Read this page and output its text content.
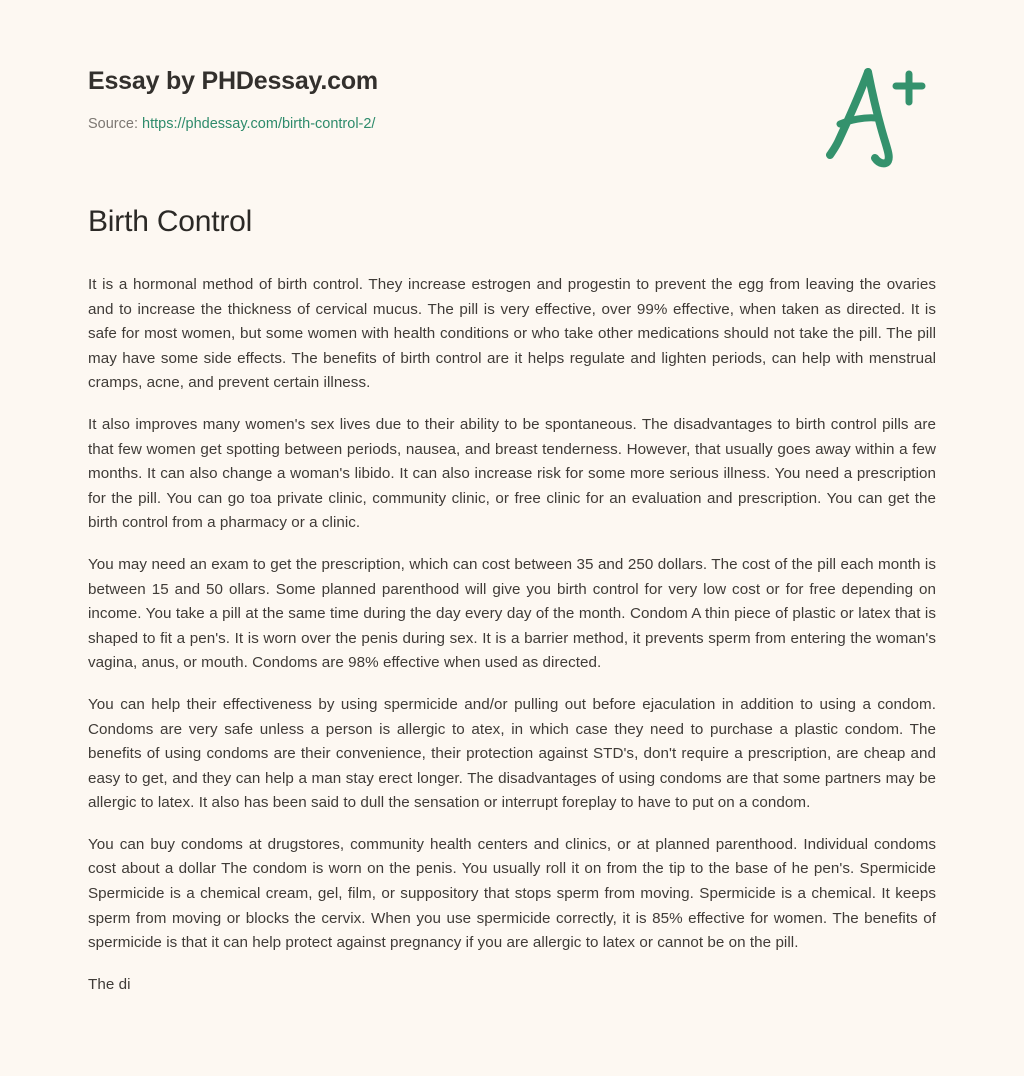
Essay by PHDessay.com
Source: https://phdessay.com/birth-control-2/
Birth Control

It is a hormonal method of birth control. They increase estrogen and progestin to prevent the egg from leaving the ovaries and to increase the thickness of cervical mucus. The pill is very effective, over 99% effective, when taken as directed. It is safe for most women, but some women with health conditions or who take other medications should not take the pill. The pill may have some side effects. The benefits of birth control are it helps regulate and lighten periods, can help with menstrual cramps, acne, and prevent certain illness.

It also improves many women's sex lives due to their ability to be spontaneous. The disadvantages to birth control pills are that few women get spotting between periods, nausea, and breast tenderness. However, that usually goes away within a few months. It can also change a woman's libido. It can also increase risk for some more serious illness. You need a prescription for the pill. You can go toa private clinic, community clinic, or free clinic for an evaluation and prescription. You can get the birth control from a pharmacy or a clinic.

You may need an exam to get the prescription, which can cost between 35 and 250 dollars. The cost of the pill each month is between 15 and 50 ollars. Some planned parenthood will give you birth control for very low cost or for free depending on income. You take a pill at the same time during the day every day of the month. Condom A thin piece of plastic or latex that is shaped to fit a pen's. It is worn over the penis during sex. It is a barrier method, it prevents sperm from entering the woman's vagina, anus, or mouth. Condoms are 98% effective when used as directed.

You can help their effectiveness by using spermicide and/or pulling out before ejaculation in addition to using a condom. Condoms are very safe unless a person is allergic to atex, in which case they need to purchase a plastic condom. The benefits of using condoms are their convenience, their protection against STD's, don't require a prescription, are cheap and easy to get, and they can help a man stay erect longer. The disadvantages of using condoms are that some partners may be allergic to latex. It also has been said to dull the sensation or interrupt foreplay to have to put on a condom.

You can buy condoms at drugstores, community health centers and clinics, or at planned parenthood. Individual condoms cost about a dollar The condom is worn on the penis. You usually roll it on from the tip to the base of he pen's. Spermicide Spermicide is a chemical cream, gel, film, or suppository that stops sperm from moving. Spermicide is a chemical. It keeps sperm from moving or blocks the cervix. When you use spermicide correctly, it is 85% effective for women. The benefits of spermicide is that it can help protect against pregnancy if you are allergic to latex or cannot be on the pill.

The di
